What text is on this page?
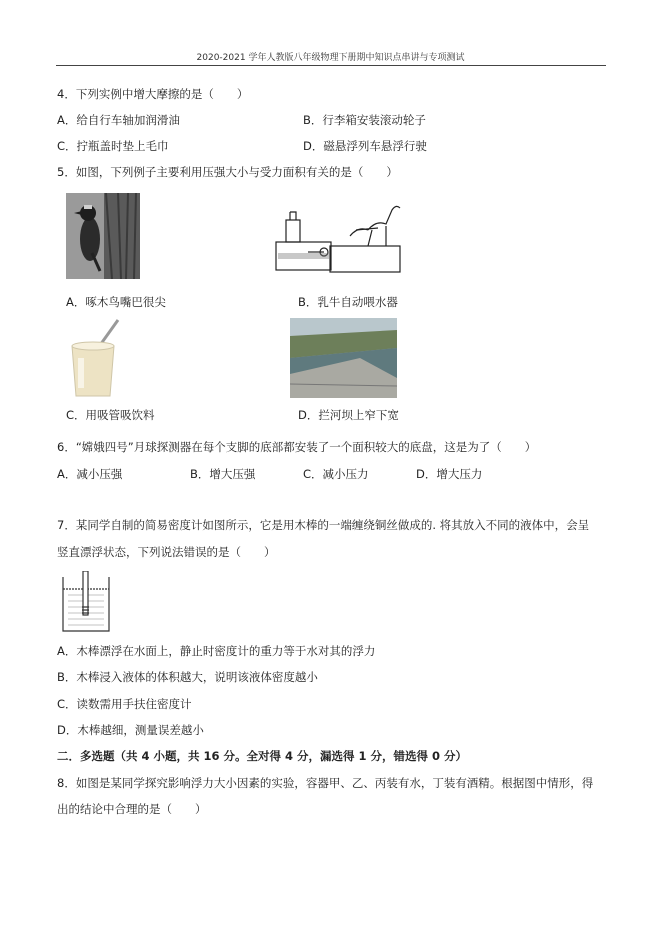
2020-2021 学年人教版八年级物理下册期中知识点串讲与专项测试
4．下列实例中增大摩擦的是（　　）
A．给自行车轴加润滑油	B．行李箱安装滚动轮子
C．拧瓶盖时垫上毛巾	D．磁悬浮列车悬浮行驶
5．如图，下列例子主要利用压强大小与受力面积有关的是（　　）
A．啄木鸟嘴巴很尖	B．乳牛自动喂水器
C．用吸管吸饮料	D．拦河坝上窄下宽
6．“嫦娥四号”月球探测器在每个支脚的底部都安装了一个面积较大的底盘，这是为了（　　）
A．减小压强	B．增大压强	C．减小压力	D．增大压力
7．某同学自制的简易密度计如图所示，它是用木棒的一端缠绕铜丝做成的. 将其放入不同的液体中，会呈
竖直漂浮状态，下列说法错误的是（　　）
A．木棒漂浮在水面上，静止时密度计的重力等于水对其的浮力
B．木棒浸入液体的体积越大，说明该液体密度越小
C．读数需用手扶住密度计
D．木棒越细，测量误差越小
二．多选题（共 4 小题，共 16 分。全对得 4 分，漏选得 1 分，错选得 0 分）
8．如图是某同学探究影响浮力大小因素的实验，容器甲、乙、丙装有水，丁装有酒精。根据图中情形，得
出的结论中合理的是（　　）
